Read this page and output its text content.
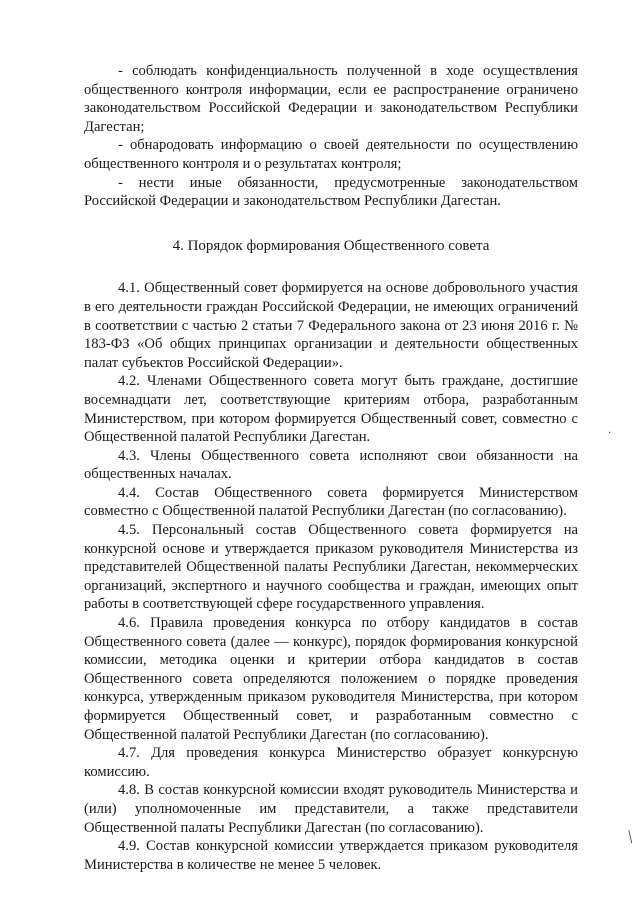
- соблюдать конфиденциальность полученной в ходе осуществления общественного контроля информации, если ее распространение ограничено законодательством Российской Федерации и законодательством Республики Дагестан;

- обнародовать информацию о своей деятельности по осуществлению общественного контроля и о результатах контроля;

- нести иные обязанности, предусмотренные законодательством Российской Федерации и законодательством Республики Дагестан.

4. Порядок формирования Общественного совета

4.1. Общественный совет формируется на основе добровольного участия в его деятельности граждан Российской Федерации, не имеющих ограничений в соответствии с частью 2 статьи 7 Федерального закона от 23 июня 2016 г. № 183-ФЗ «Об общих принципах организации и деятельности общественных палат субъектов Российской Федерации».

4.2. Членами Общественного совета могут быть граждане, достигшие восемнадцати лет, соответствующие критериям отбора, разработанным Министерством, при котором формируется Общественный совет, совместно с Общественной палатой Республики Дагестан.

4.3. Члены Общественного совета исполняют свои обязанности на общественных началах.

4.4. Состав Общественного совета формируется Министерством совместно с Общественной палатой Республики Дагестан (по согласованию).

4.5. Персональный состав Общественного совета формируется на конкурсной основе и утверждается приказом руководителя Министерства из представителей Общественной палаты Республики Дагестан, некоммерческих организаций, экспертного и научного сообщества и граждан, имеющих опыт работы в соответствующей сфере государственного управления.

4.6. Правила проведения конкурса по отбору кандидатов в состав Общественного совета (далее — конкурс), порядок формирования конкурсной комиссии, методика оценки и критерии отбора кандидатов в состав Общественного совета определяются положением о порядке проведения конкурса, утвержденным приказом руководителя Министерства, при котором формируется Общественный совет, и разработанным совместно с Общественной палатой Республики Дагестан (по согласованию).

4.7. Для проведения конкурса Министерство образует конкурсную комиссию.

4.8. В состав конкурсной комиссии входят руководитель Министерства и (или) уполномоченные им представители, а также представители Общественной палаты Республики Дагестан (по согласованию).

4.9. Состав конкурсной комиссии утверждается приказом руководителя Министерства в количестве не менее 5 человек.

·
╱
